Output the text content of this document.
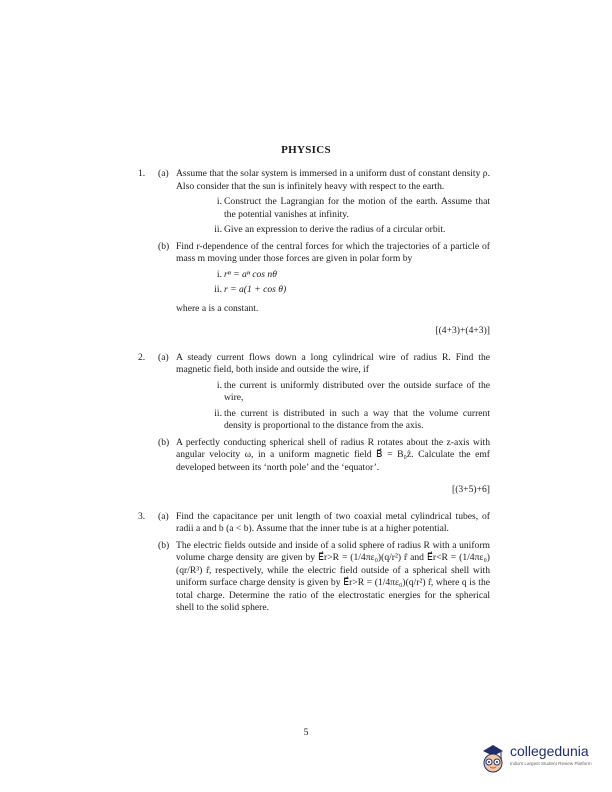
PHYSICS
1. (a) Assume that the solar system is immersed in a uniform dust of constant density ρ. Also consider that the sun is infinitely heavy with respect to the earth.
i. Construct the Lagrangian for the motion of the earth. Assume that the potential vanishes at infinity.
ii. Give an expression to derive the radius of a circular orbit.
(b) Find r-dependence of the central forces for which the trajectories of a particle of mass m moving under those forces are given in polar form by
i. rⁿ = aⁿ cos nθ
ii. r = a(1 + cos θ)
where a is a constant.
[(4+3)+(4+3)]
2. (a) A steady current flows down a long cylindrical wire of radius R. Find the magnetic field, both inside and outside the wire, if
i. the current is uniformly distributed over the outside surface of the wire,
ii. the current is distributed in such a way that the volume current density is proportional to the distance from the axis.
(b) A perfectly conducting spherical shell of radius R rotates about the z-axis with angular velocity ω, in a uniform magnetic field B⃗ = B₀ẑ. Calculate the emf developed between its ‘north pole’ and the ‘equator’.
[(3+5)+6]
3. (a) Find the capacitance per unit length of two coaxial metal cylindrical tubes, of radii a and b (a < b). Assume that the inner tube is at a higher potential.
(b) The electric fields outside and inside of a solid sphere of radius R with a uniform volume charge density are given by E⃗r>R = (1/4πε₀)(q/r²) r̂ and E⃗r<R = (1/4πε₀)(qr/R³) r̂, respectively, while the electric field outside of a spherical shell with uniform surface charge density is given by E⃗r>R = (1/4πε₀)(q/r²) r̂, where q is the total charge. Determine the ratio of the electrostatic energies for the spherical shell to the solid sphere.
5
collegedunia
India's Largest Student Review Platform
